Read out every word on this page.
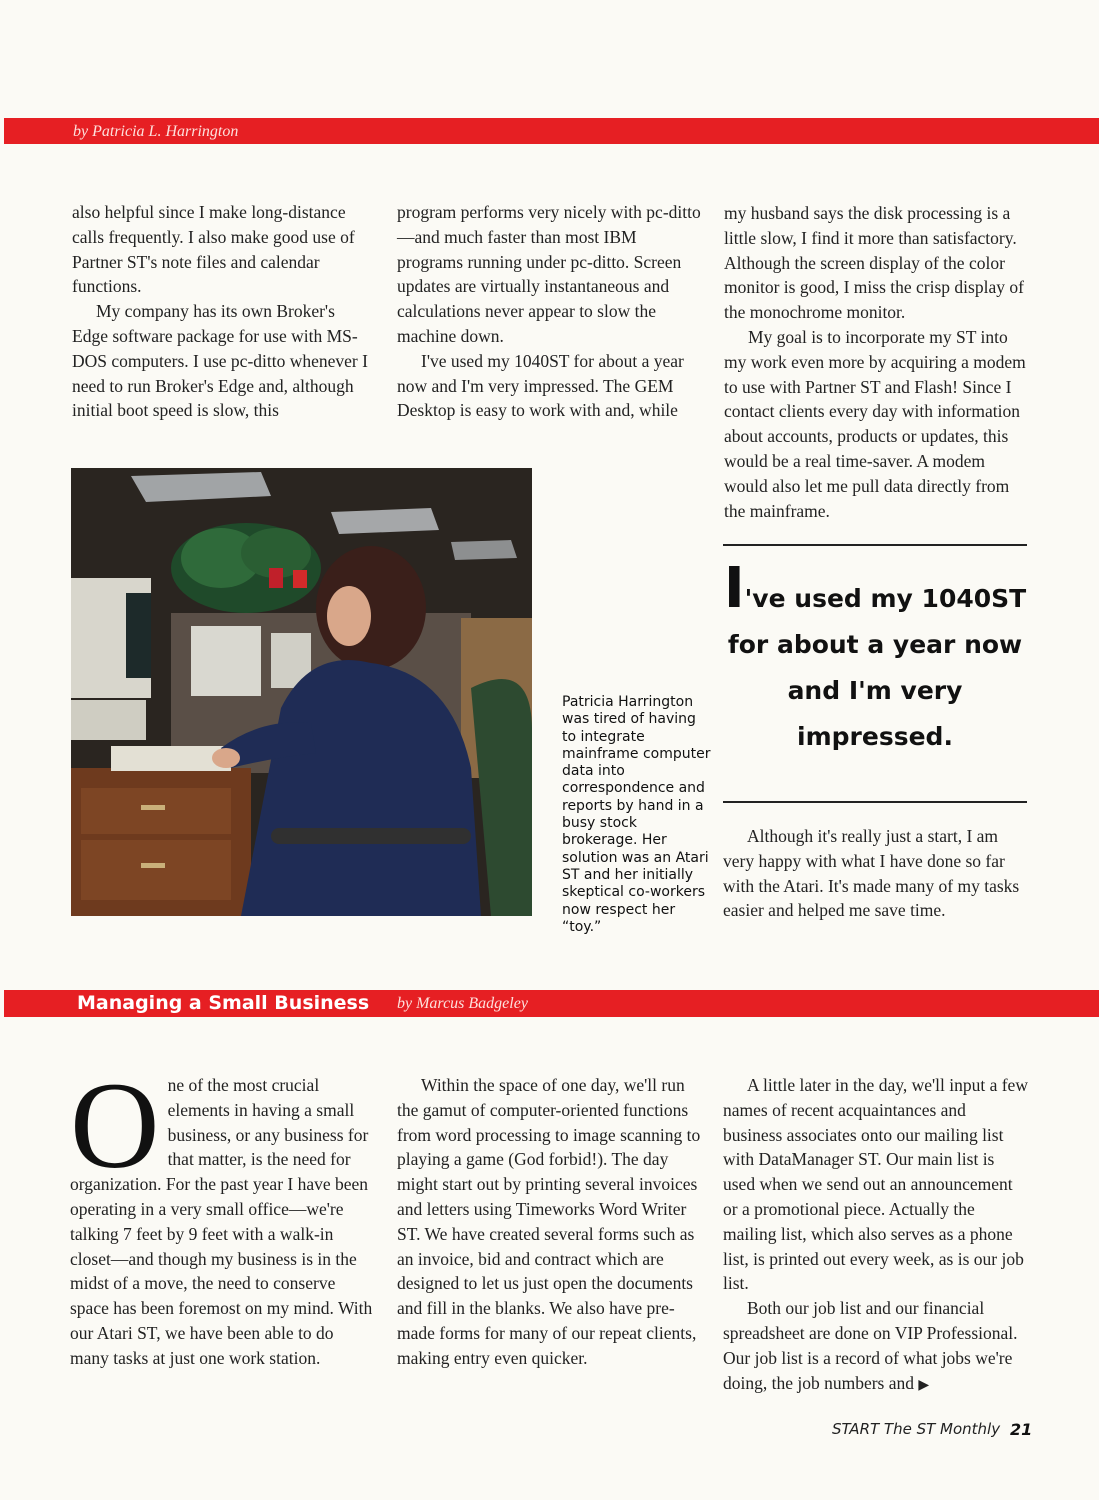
by Patricia L. Harrington

also helpful since I make long-distance calls frequently. I also make good use of Partner ST's note files and calendar functions.

My company has its own Broker's Edge software package for use with MS-DOS computers. I use pc-ditto whenever I need to run Broker's Edge and, although initial boot speed is slow, this

program performs very nicely with pc-ditto—and much faster than most IBM programs running under pc-ditto. Screen updates are virtually instantaneous and calculations never appear to slow the machine down.

I've used my 1040ST for about a year now and I'm very impressed. The GEM Desktop is easy to work with and, while

my husband says the disk processing is a little slow, I find it more than satisfactory. Although the screen display of the color monitor is good, I miss the crisp display of the monochrome monitor.

My goal is to incorporate my ST into my work even more by acquiring a modem to use with Partner ST and Flash! Since I contact clients every day with information about accounts, products or updates, this would be a real time-saver. A modem would also let me pull data directly from the mainframe.

Patricia Harrington was tired of having to integrate mainframe computer data into correspondence and reports by hand in a busy stock brokerage. Her solution was an Atari ST and her initially skeptical co-workers now respect her “toy.”
I've used my 1040ST for about a year now and I'm very impressed.

Although it's really just a start, I am very happy with what I have done so far with the Atari. It's made many of my tasks easier and helped me save time.

Managing a Small Business by Marcus Badgeley

One of the most crucial elements in having a small business, or any business for that matter, is the need for organization. For the past year I have been operating in a very small office—we're talking 7 feet by 9 feet with a walk-in closet—and though my business is in the midst of a move, the need to conserve space has been foremost on my mind. With our Atari ST, we have been able to do many tasks at just one work station.

Within the space of one day, we'll run the gamut of computer-oriented functions from word processing to image scanning to playing a game (God forbid!). The day might start out by printing several invoices and letters using Timeworks Word Writer ST. We have created several forms such as an invoice, bid and contract which are designed to let us just open the documents and fill in the blanks. We also have pre-made forms for many of our repeat clients, making entry even quicker.

A little later in the day, we'll input a few names of recent acquaintances and business associates onto our mailing list with DataManager ST. Our main list is used when we send out an announcement or a promotional piece. Actually the mailing list, which also serves as a phone list, is printed out every week, as is our job list.

Both our job list and our financial spreadsheet are done on VIP Professional. Our job list is a record of what jobs we're doing, the job numbers and ▶

START The ST Monthly 21
